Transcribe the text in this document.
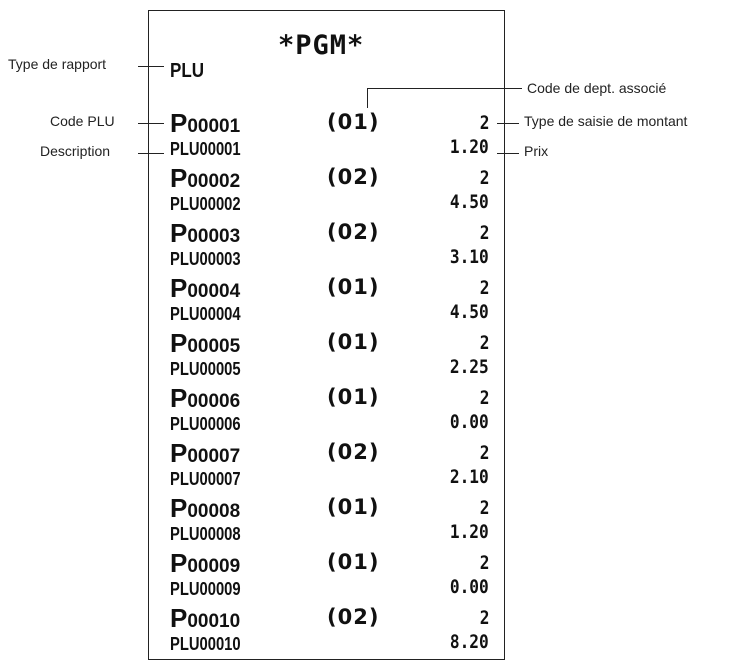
*PGM*
PLU
P00001	(01)	2
PLU00001	1.20
P00002	(02)	2
PLU00002	4.50
P00003	(02)	2
PLU00003	3.10
P00004	(01)	2
PLU00004	4.50
P00005	(01)	2
PLU00005	2.25
P00006	(01)	2
PLU00006	0.00
P00007	(02)	2
PLU00007	2.10
P00008	(01)	2
PLU00008	1.20
P00009	(01)	2
PLU00009	0.00
P00010	(02)	2
PLU00010	8.20
Type de rapport
Code de dept. associé
Code PLU	Type de saisie de montant
Description	Prix
